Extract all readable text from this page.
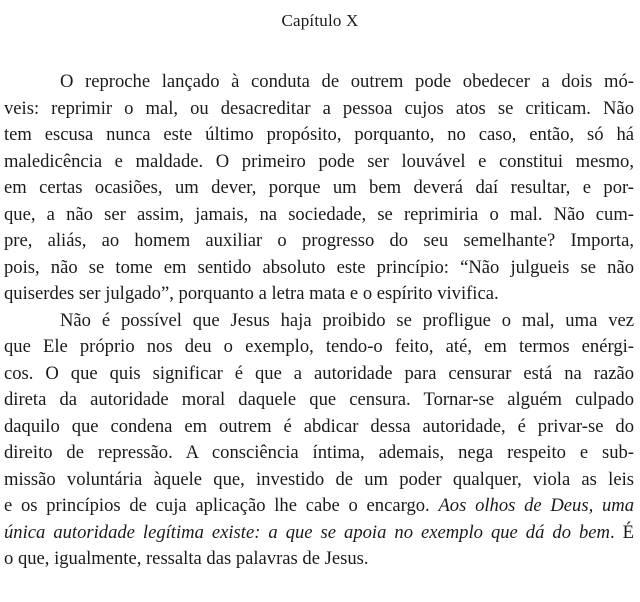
Capítulo X
O reproche lançado à conduta de outrem pode obedecer a dois mó-
veis: reprimir o mal, ou desacreditar a pessoa cujos atos se criticam. Não
tem escusa nunca este último propósito, porquanto, no caso, então, só há
maledicência e maldade. O primeiro pode ser louvável e constitui mesmo,
em certas ocasiões, um dever, porque um bem deverá daí resultar, e por-
que, a não ser assim, jamais, na sociedade, se reprimiria o mal. Não cum-
pre, aliás, ao homem auxiliar o progresso do seu semelhante? Importa,
pois, não se tome em sentido absoluto este princípio: “Não julgueis se não
quiserdes ser julgado”, porquanto a letra mata e o espírito vivifica.
Não é possível que Jesus haja proibido se profligue o mal, uma vez
que Ele próprio nos deu o exemplo, tendo-o feito, até, em termos enérgi-
cos. O que quis significar é que a autoridade para censurar está na razão
direta da autoridade moral daquele que censura. Tornar-se alguém culpado
daquilo que condena em outrem é abdicar dessa autoridade, é privar-se do
direito de repressão. A consciência íntima, ademais, nega respeito e sub-
missão voluntária àquele que, investido de um poder qualquer, viola as leis
e os princípios de cuja aplicação lhe cabe o encargo. Aos olhos de Deus, uma
única autoridade legítima existe: a que se apoia no exemplo que dá do bem. É
o que, igualmente, ressalta das palavras de Jesus.
